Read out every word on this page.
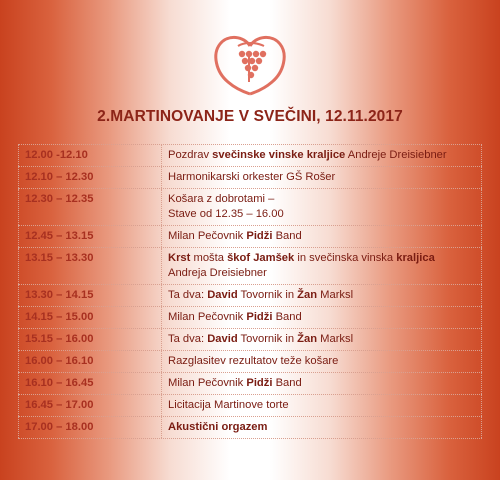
2.MARTINOVANJE V SVEČINI, 12.11.2017
12.00 -12.10	Pozdrav svečinske vinske kraljice Andreje Dreisiebner
12.10 – 12.30	Harmonikarski orkester GŠ Rošer
12.30 – 12.35	Košara z dobrotami –
Stave od 12.35 – 16.00
12.45 – 13.15	Milan Pečovnik Pidži Band
13.15 – 13.30	Krst mošta škof Jamšek in svečinska vinska kraljica
Andreja Dreisiebner
13.30 – 14.15	Ta dva: David Tovornik in Žan Marksl
14.15 – 15.00	Milan Pečovnik Pidži Band
15.15 – 16.00	Ta dva: David Tovornik in Žan Marksl
16.00 – 16.10	Razglasitev rezultatov teže košare
16.10 – 16.45	Milan Pečovnik Pidži Band
16.45 – 17.00	Licitacija Martinove torte
17.00 – 18.00	Akustični orgazem
